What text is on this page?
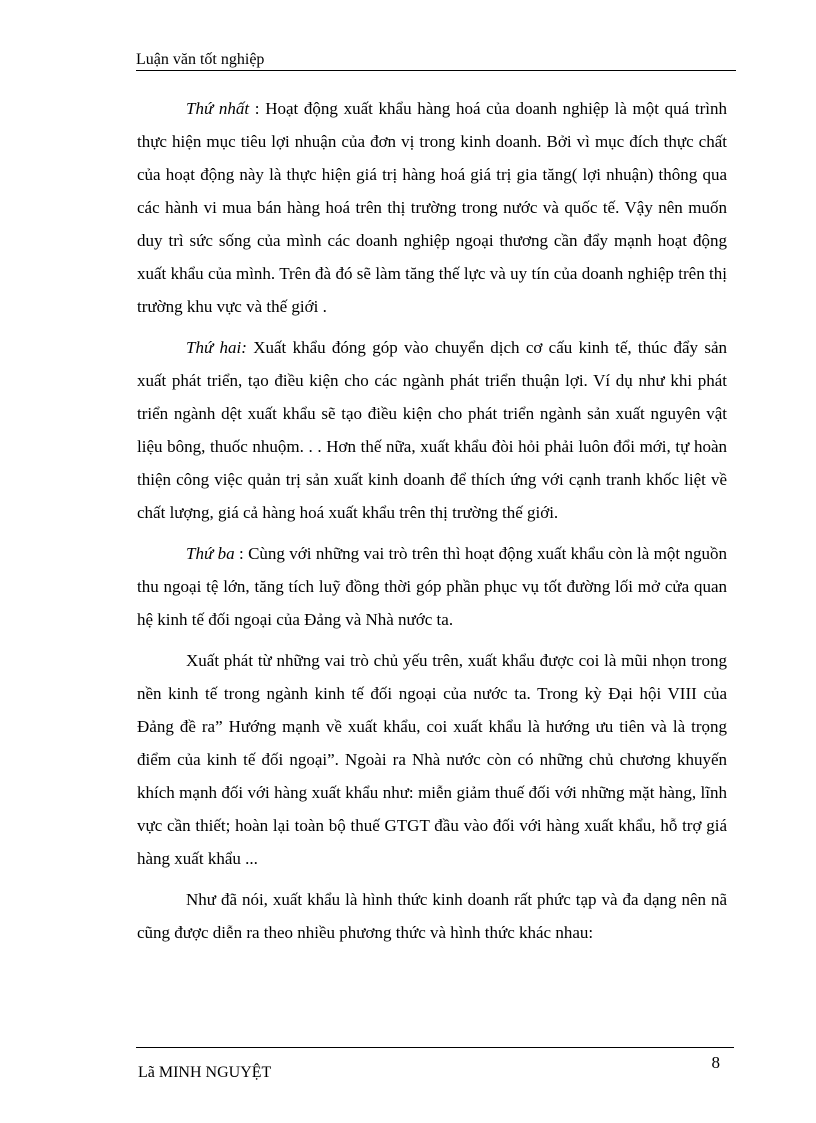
Luận văn tốt nghiệp

Thứ nhất : Hoạt động xuất khẩu hàng hoá của doanh nghiệp là một quá trình thực hiện mục tiêu lợi nhuận của đơn vị trong kinh doanh. Bởi vì mục đích thực chất của hoạt động này là thực hiện giá trị hàng hoá giá trị gia tăng( lợi nhuận) thông qua các hành vi mua bán hàng hoá trên thị trường trong nước và quốc tế. Vậy nên muốn duy trì sức sống của mình các doanh nghiệp ngoại thương cần đẩy mạnh hoạt động xuất khẩu của mình. Trên đà đó sẽ làm tăng thế lực và uy tín của doanh nghiệp trên thị trường khu vực và thế giới .

Thứ hai: Xuất khẩu đóng góp vào chuyển dịch cơ cấu kinh tế, thúc đẩy sản xuất phát triển, tạo điều kiện cho các ngành phát triển thuận lợi. Ví dụ như khi phát triển ngành dệt xuất khẩu sẽ tạo điều kiện cho phát triển ngành sản xuất nguyên vật liệu bông, thuốc nhuộm. . . Hơn thế nữa, xuất khẩu đòi hỏi phải luôn đổi mới, tự hoàn thiện công việc quản trị sản xuất kinh doanh để thích ứng với cạnh tranh khốc liệt về chất lượng, giá cả hàng hoá xuất khẩu trên thị trường thế giới.

Thứ ba : Cùng với những vai trò trên thì hoạt động xuất khẩu còn là một nguồn thu ngoại tệ lớn, tăng tích luỹ đồng thời góp phần phục vụ tốt đường lối mở cửa quan hệ kinh tế đối ngoại của Đảng và Nhà nước ta.

Xuất phát từ những vai trò chủ yếu trên, xuất khẩu được coi là mũi nhọn trong nền kinh tế trong ngành kinh tế đối ngoại của nước ta. Trong kỳ Đại hội VIII của Đảng đề ra” Hướng mạnh về xuất khẩu, coi xuất khẩu là hướng ưu tiên và là trọng điểm của kinh tế đối ngoại”. Ngoài ra Nhà nước còn có những chủ chương khuyến khích mạnh đối với hàng xuất khẩu như: miễn giảm thuế đối với những mặt hàng, lĩnh vực cần thiết; hoàn lại toàn bộ thuế GTGT đầu vào đối với hàng xuất khẩu, hỗ trợ giá hàng xuất khẩu ...

Như đã nói, xuất khẩu là hình thức kinh doanh rất phức tạp và đa dạng nên nã cũng được diễn ra theo nhiều phương thức và hình thức khác nhau:

Lã MINH NGUYỆT
8
